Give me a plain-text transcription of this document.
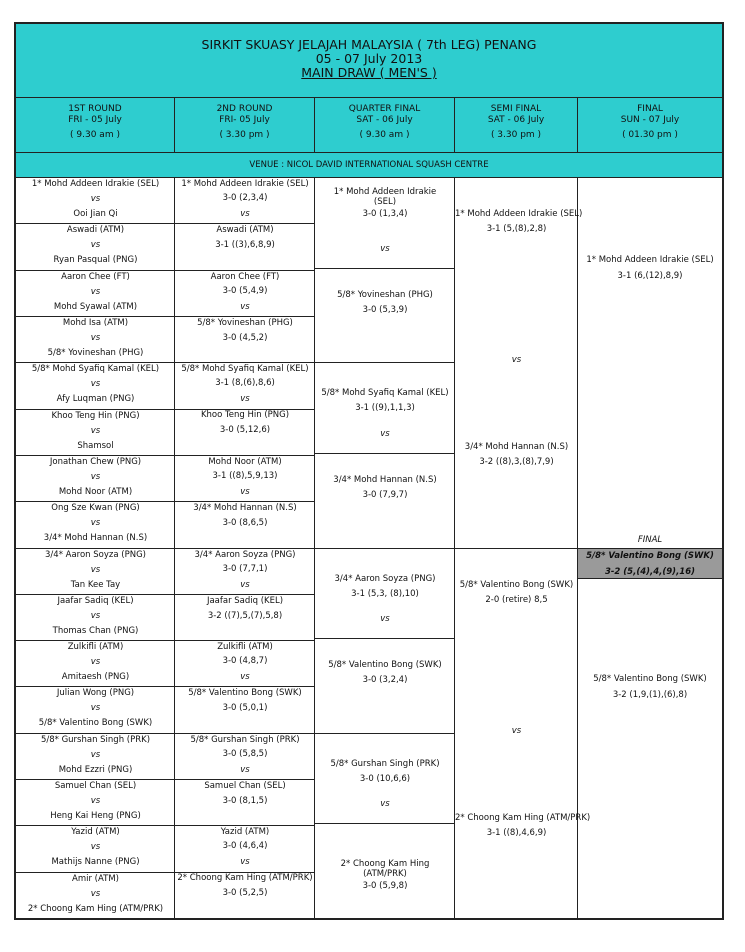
SIRKIT SKUASY JELAJAH MALAYSIA ( 7th LEG) PENANG
05 - 07 July 2013
MAIN DRAW ( MEN'S )
1ST ROUND
FRI - 05 July
( 9.30 am )
2ND ROUND
FRI- 05 July
( 3.30 pm )
QUARTER FINAL
SAT - 06 July
( 9.30 am )
SEMI FINAL
SAT - 06 July
( 3.30 pm )
FINAL
SUN - 07 July
( 01.30 pm )
VENUE : NICOL DAVID INTERNATIONAL SQUASH CENTRE
1* Mohd Addeen Idrakie (SEL)
vs
Ooi Jian Qi
Aswadi (ATM)
vs
Ryan Pasqual (PNG)
Aaron Chee (FT)
vs
Mohd Syawal (ATM)
Mohd Isa (ATM)
vs
5/8* Yovineshan (PHG)
5/8* Mohd Syafiq Kamal (KEL)
vs
Afy Luqman (PNG)
Khoo Teng Hin (PNG)
vs
Shamsol
Jonathan Chew (PNG)
vs
Mohd Noor (ATM)
Ong Sze Kwan (PNG)
vs
3/4* Mohd Hannan (N.S)
3/4* Aaron Soyza (PNG)
vs
Tan Kee Tay
Jaafar Sadiq (KEL)
vs
Thomas Chan (PNG)
Zulkifli (ATM)
vs
Amitaesh (PNG)
Julian Wong (PNG)
vs
5/8* Valentino Bong (SWK)
5/8* Gurshan Singh (PRK)
vs
Mohd Ezzri (PNG)
Samuel Chan (SEL)
vs
Heng Kai Heng (PNG)
Yazid (ATM)
vs
Mathijs Nanne (PNG)
Amir (ATM)
vs
2* Choong Kam Hing (ATM/PRK)
1* Mohd Addeen Idrakie (SEL)
3-0 (2,3,4)
vs
Aswadi (ATM)
3-1 ((3),6,8,9)
Aaron Chee (FT)
3-0 (5,4,9)
vs
5/8* Yovineshan (PHG)
3-0 (4,5,2)
5/8* Mohd Syafiq Kamal (KEL)
3-1 (8,(6),8,6)
vs
Khoo Teng Hin (PNG)
3-0 (5,12,6)
Mohd Noor (ATM)
3-1 ((8),5,9,13)
vs
3/4* Mohd Hannan (N.S)
3-0 (8,6,5)
3/4* Aaron Soyza (PNG)
3-0 (7,7,1)
vs
Jaafar Sadiq (KEL)
3-2 ((7),5,(7),5,8)
Zulkifli (ATM)
3-0 (4,8,7)
vs
5/8* Valentino Bong (SWK)
3-0 (5,0,1)
5/8* Gurshan Singh (PRK)
3-0 (5,8,5)
vs
Samuel Chan (SEL)
3-0 (8,1,5)
Yazid (ATM)
3-0 (4,6,4)
vs
2* Choong Kam Hing (ATM/PRK)
3-0 (5,2,5)
1* Mohd Addeen Idrakie
(SEL)
3-0 (1,3,4)
vs
5/8* Yovineshan (PHG)
3-0 (5,3,9)
5/8* Mohd Syafiq Kamal (KEL)
3-1 ((9),1,1,3)
vs
3/4* Mohd Hannan (N.S)
3-0 (7,9,7)
3/4* Aaron Soyza (PNG)
3-1 (5,3, (8),10)
vs
5/8* Valentino Bong (SWK)
3-0 (3,2,4)
5/8* Gurshan Singh (PRK)
3-0 (10,6,6)
vs
2* Choong Kam Hing
(ATM/PRK)
3-0 (5,9,8)
1* Mohd Addeen Idrakie (SEL)
3-1 (5,(8),2,8)
vs
3/4* Mohd Hannan (N.S)
3-2 ((8),3,(8),7,9)
5/8* Valentino Bong (SWK)
2-0 (retire) 8,5
vs
2* Choong Kam Hing (ATM/PRK)
3-1 ((8),4,6,9)
1* Mohd Addeen Idrakie (SEL)
3-1 (6,(12),8,9)
FINAL
5/8* Valentino Bong (SWK)
3-2 (5,(4),4,(9),16)
5/8* Valentino Bong (SWK)
3-2 (1,9,(1),(6),8)
